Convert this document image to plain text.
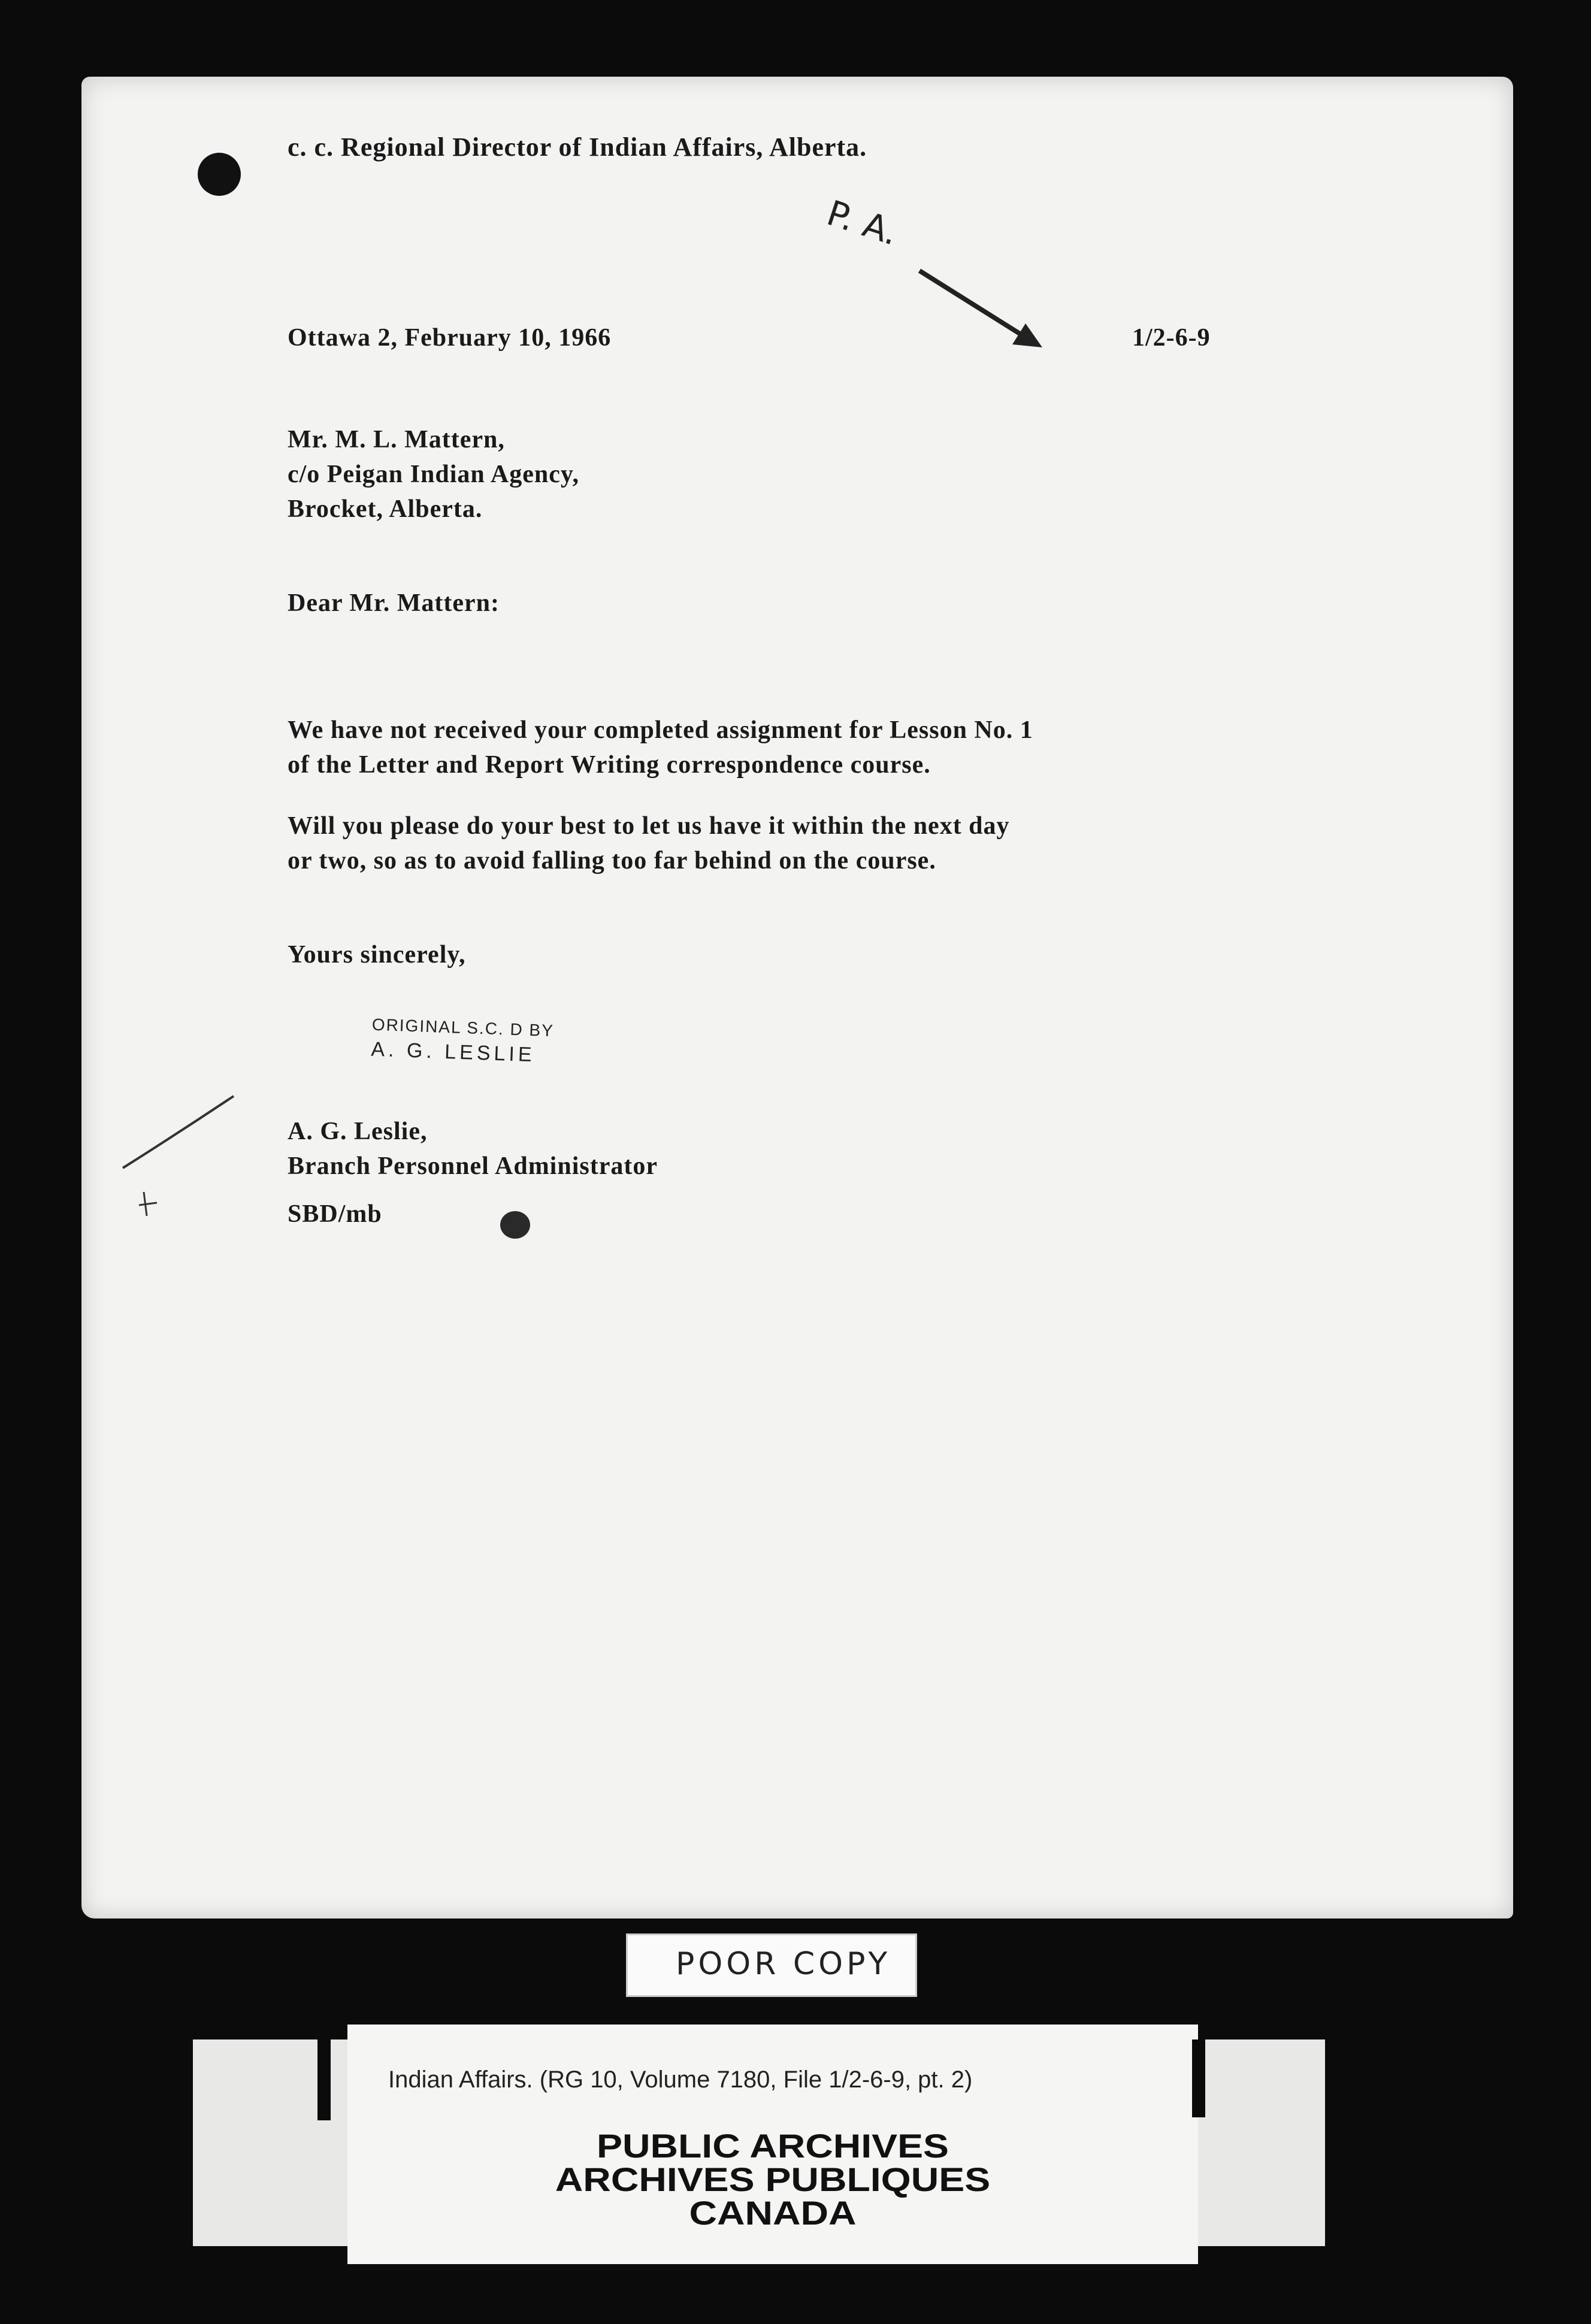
c. c. Regional Director of Indian Affairs, Alberta.
P. A.
Ottawa 2, February 10, 1966	1/2-6-9
Mr. M. L. Mattern,
c/o Peigan Indian Agency,
Brocket, Alberta.
Dear Mr. Mattern:
We have not received your completed assignment for Lesson No. 1
of the Letter and Report Writing correspondence course.
Will you please do your best to let us have it within the next day
or two, so as to avoid falling too far behind on the course.
Yours sincerely,
ORIGINAL S.C. D BY
A. G. LESLIE
A. G. Leslie,
Branch Personnel Administrator
SBD/mb
POOR COPY
Indian Affairs. (RG 10, Volume 7180, File 1/2-6-9, pt. 2)
PUBLIC ARCHIVES
ARCHIVES PUBLIQUES
CANADA
